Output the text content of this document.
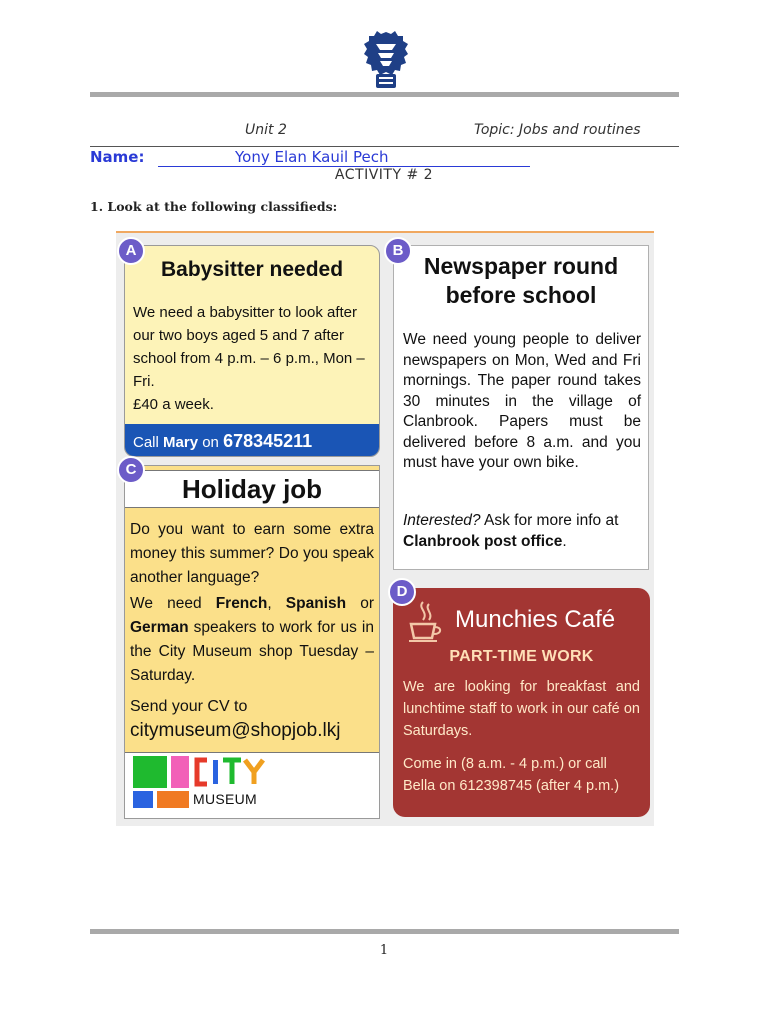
Unit 2	Topic: Jobs and routines
Name:	Yony Elan Kauil Pech
ACTIVITY # 2
1. Look at the following classifieds:
Babysitter needed
We need a babysitter to look after our two boys aged 5 and 7 after school from 4 p.m. – 6 p.m., Mon – Fri.
£40 a week.
Call Mary on 678345211
A
Newspaper round before school
We need young people to deliver newspapers on Mon, Wed and Fri mornings. The paper round takes 30 minutes in the village of Clanbrook. Papers must be delivered before 8 a.m. and you must have your own bike.
Interested? Ask for more info at Clanbrook post office.
B
Holiday job
Do you want to earn some extra money this summer? Do you speak another language?
We need French, Spanish or German speakers to work for us in the City Museum shop Tuesday – Saturday.
Send your CV to
citymuseum@shopjob.lkj
MUSEUM
C
Munchies Café
PART-TIME WORK
We are looking for breakfast and lunchtime staff to work in our café on Saturdays.
Come in (8 a.m. - 4 p.m.) or call Bella on 612398745 (after 4 p.m.)
D
1
